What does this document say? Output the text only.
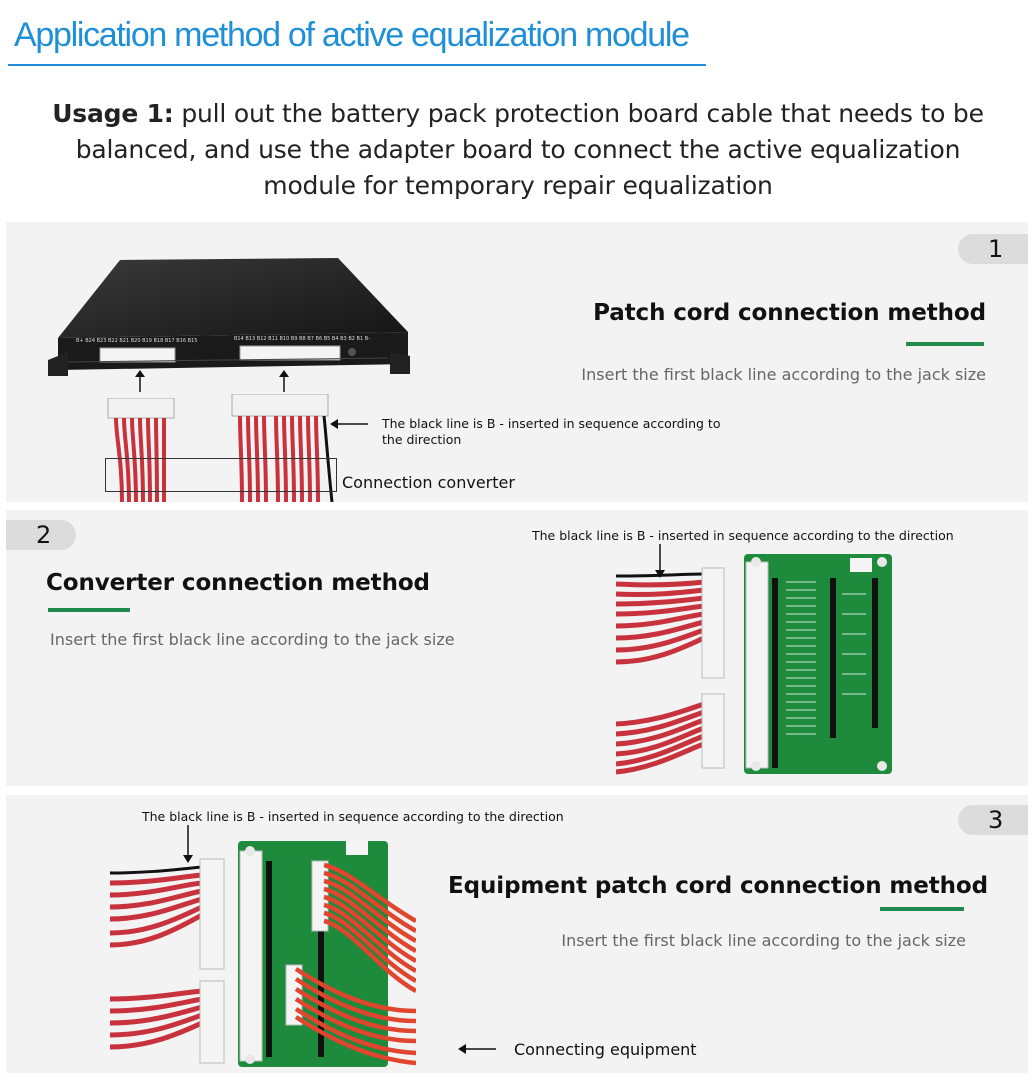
Application method of active equalization module
Usage 1: pull out the battery pack protection board cable that needs to be balanced, and use the adapter board to connect the active equalization module for temporary repair equalization
1
B+ B24 B23 B22 B21 B20 B19 B18 B17 B16 B15	B14 B13 B12 B11 B10 B9 B8 B7 B6 B5 B4 B3 B2 B1 B-
The black line is B - inserted in sequence according to the direction
Connection converter
Patch cord connection method
Insert the first black line according to the jack size
2
Converter connection method
Insert the first black line according to the jack size
The black line is B - inserted in sequence according to the direction
3
The black line is B - inserted in sequence according to the direction
Equipment patch cord connection method
Insert the first black line according to the jack size
Connecting equipment
